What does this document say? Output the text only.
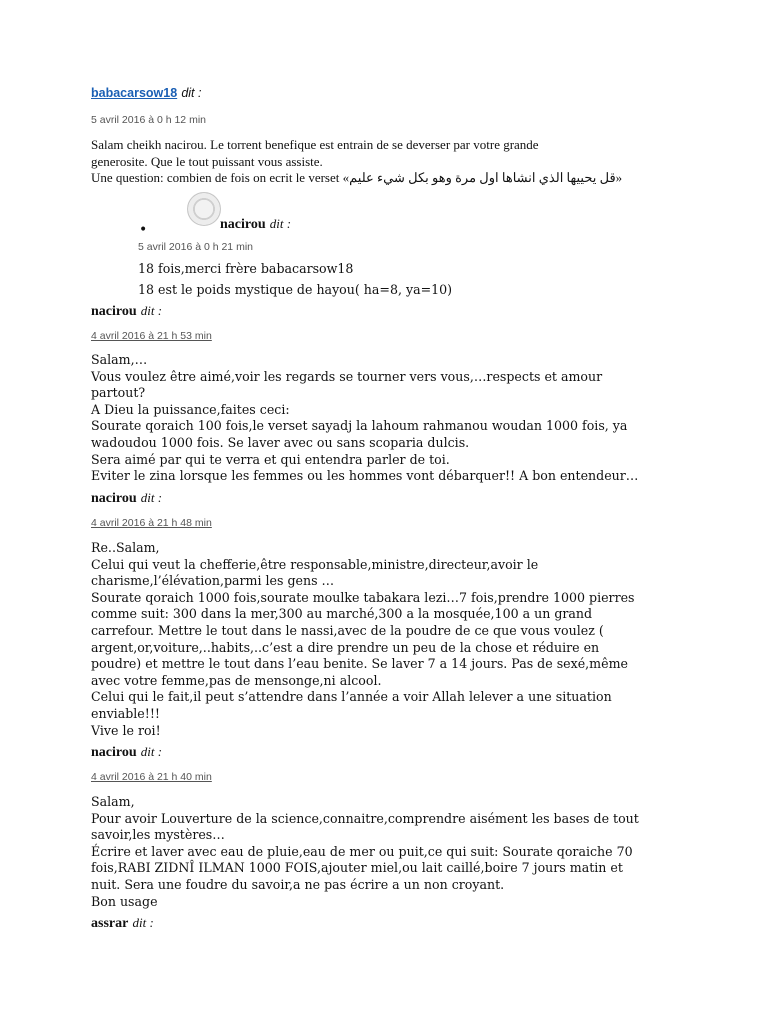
babacarsow18 dit :
5 avril 2016 à 0 h 12 min
Salam cheikh nacirou. Le torrent benefique est entrain de se deverser par votre grande
generosite. Que le tout puissant vous assiste.
Une question: combien de fois on ecrit le verset «قل يحييها الذي انشاها اول مرة وهو بكل شيء عليم»
•	nacirou dit :
5 avril 2016 à 0 h 21 min
18 fois,merci frère babacarsow18
18 est le poids mystique de hayou( ha=8, ya=10)
nacirou dit :
4 avril 2016 à 21 h 53 min
Salam,…
Vous voulez être aimé,voir les regards se tourner vers vous,…respects et amour
partout?
A Dieu la puissance,faites ceci:
Sourate qoraich 100 fois,le verset sayadj la lahoum rahmanou woudan 1000 fois, ya
wadoudou 1000 fois. Se laver avec ou sans scoparia dulcis.
Sera aimé par qui te verra et qui entendra parler de toi.
Eviter le zina lorsque les femmes ou les hommes vont débarquer!! A bon entendeur…
nacirou dit :
4 avril 2016 à 21 h 48 min
Re..Salam,
Celui qui veut la chefferie,être responsable,ministre,directeur,avoir le
charisme,l’élévation,parmi les gens …
Sourate qoraich 1000 fois,sourate moulke tabakara lezi…7 fois,prendre 1000 pierres
comme suit: 300 dans la mer,300 au marché,300 a la mosquée,100 a un grand
carrefour. Mettre le tout dans le nassi,avec de la poudre de ce que vous voulez (
argent,or,voiture,..habits,..c’est a dire prendre un peu de la chose et réduire en
poudre) et mettre le tout dans l’eau benite. Se laver 7 a 14 jours. Pas de sexé,même
avec votre femme,pas de mensonge,ni alcool.
Celui qui le fait,il peut s’attendre dans l’année a voir Allah lelever a une situation
enviable!!!
Vive le roi!
nacirou dit :
4 avril 2016 à 21 h 40 min
Salam,
Pour avoir Louverture de la science,connaitre,comprendre aisément les bases de tout
savoir,les mystères…
Écrire et laver avec eau de pluie,eau de mer ou puit,ce qui suit: Sourate qoraiche 70
fois,RABI ZIDNÎ ILMAN 1000 FOIS,ajouter miel,ou lait caillé,boire 7 jours matin et
nuit. Sera une foudre du savoir,a ne pas écrire a un non croyant.
Bon usage
assrar dit :
